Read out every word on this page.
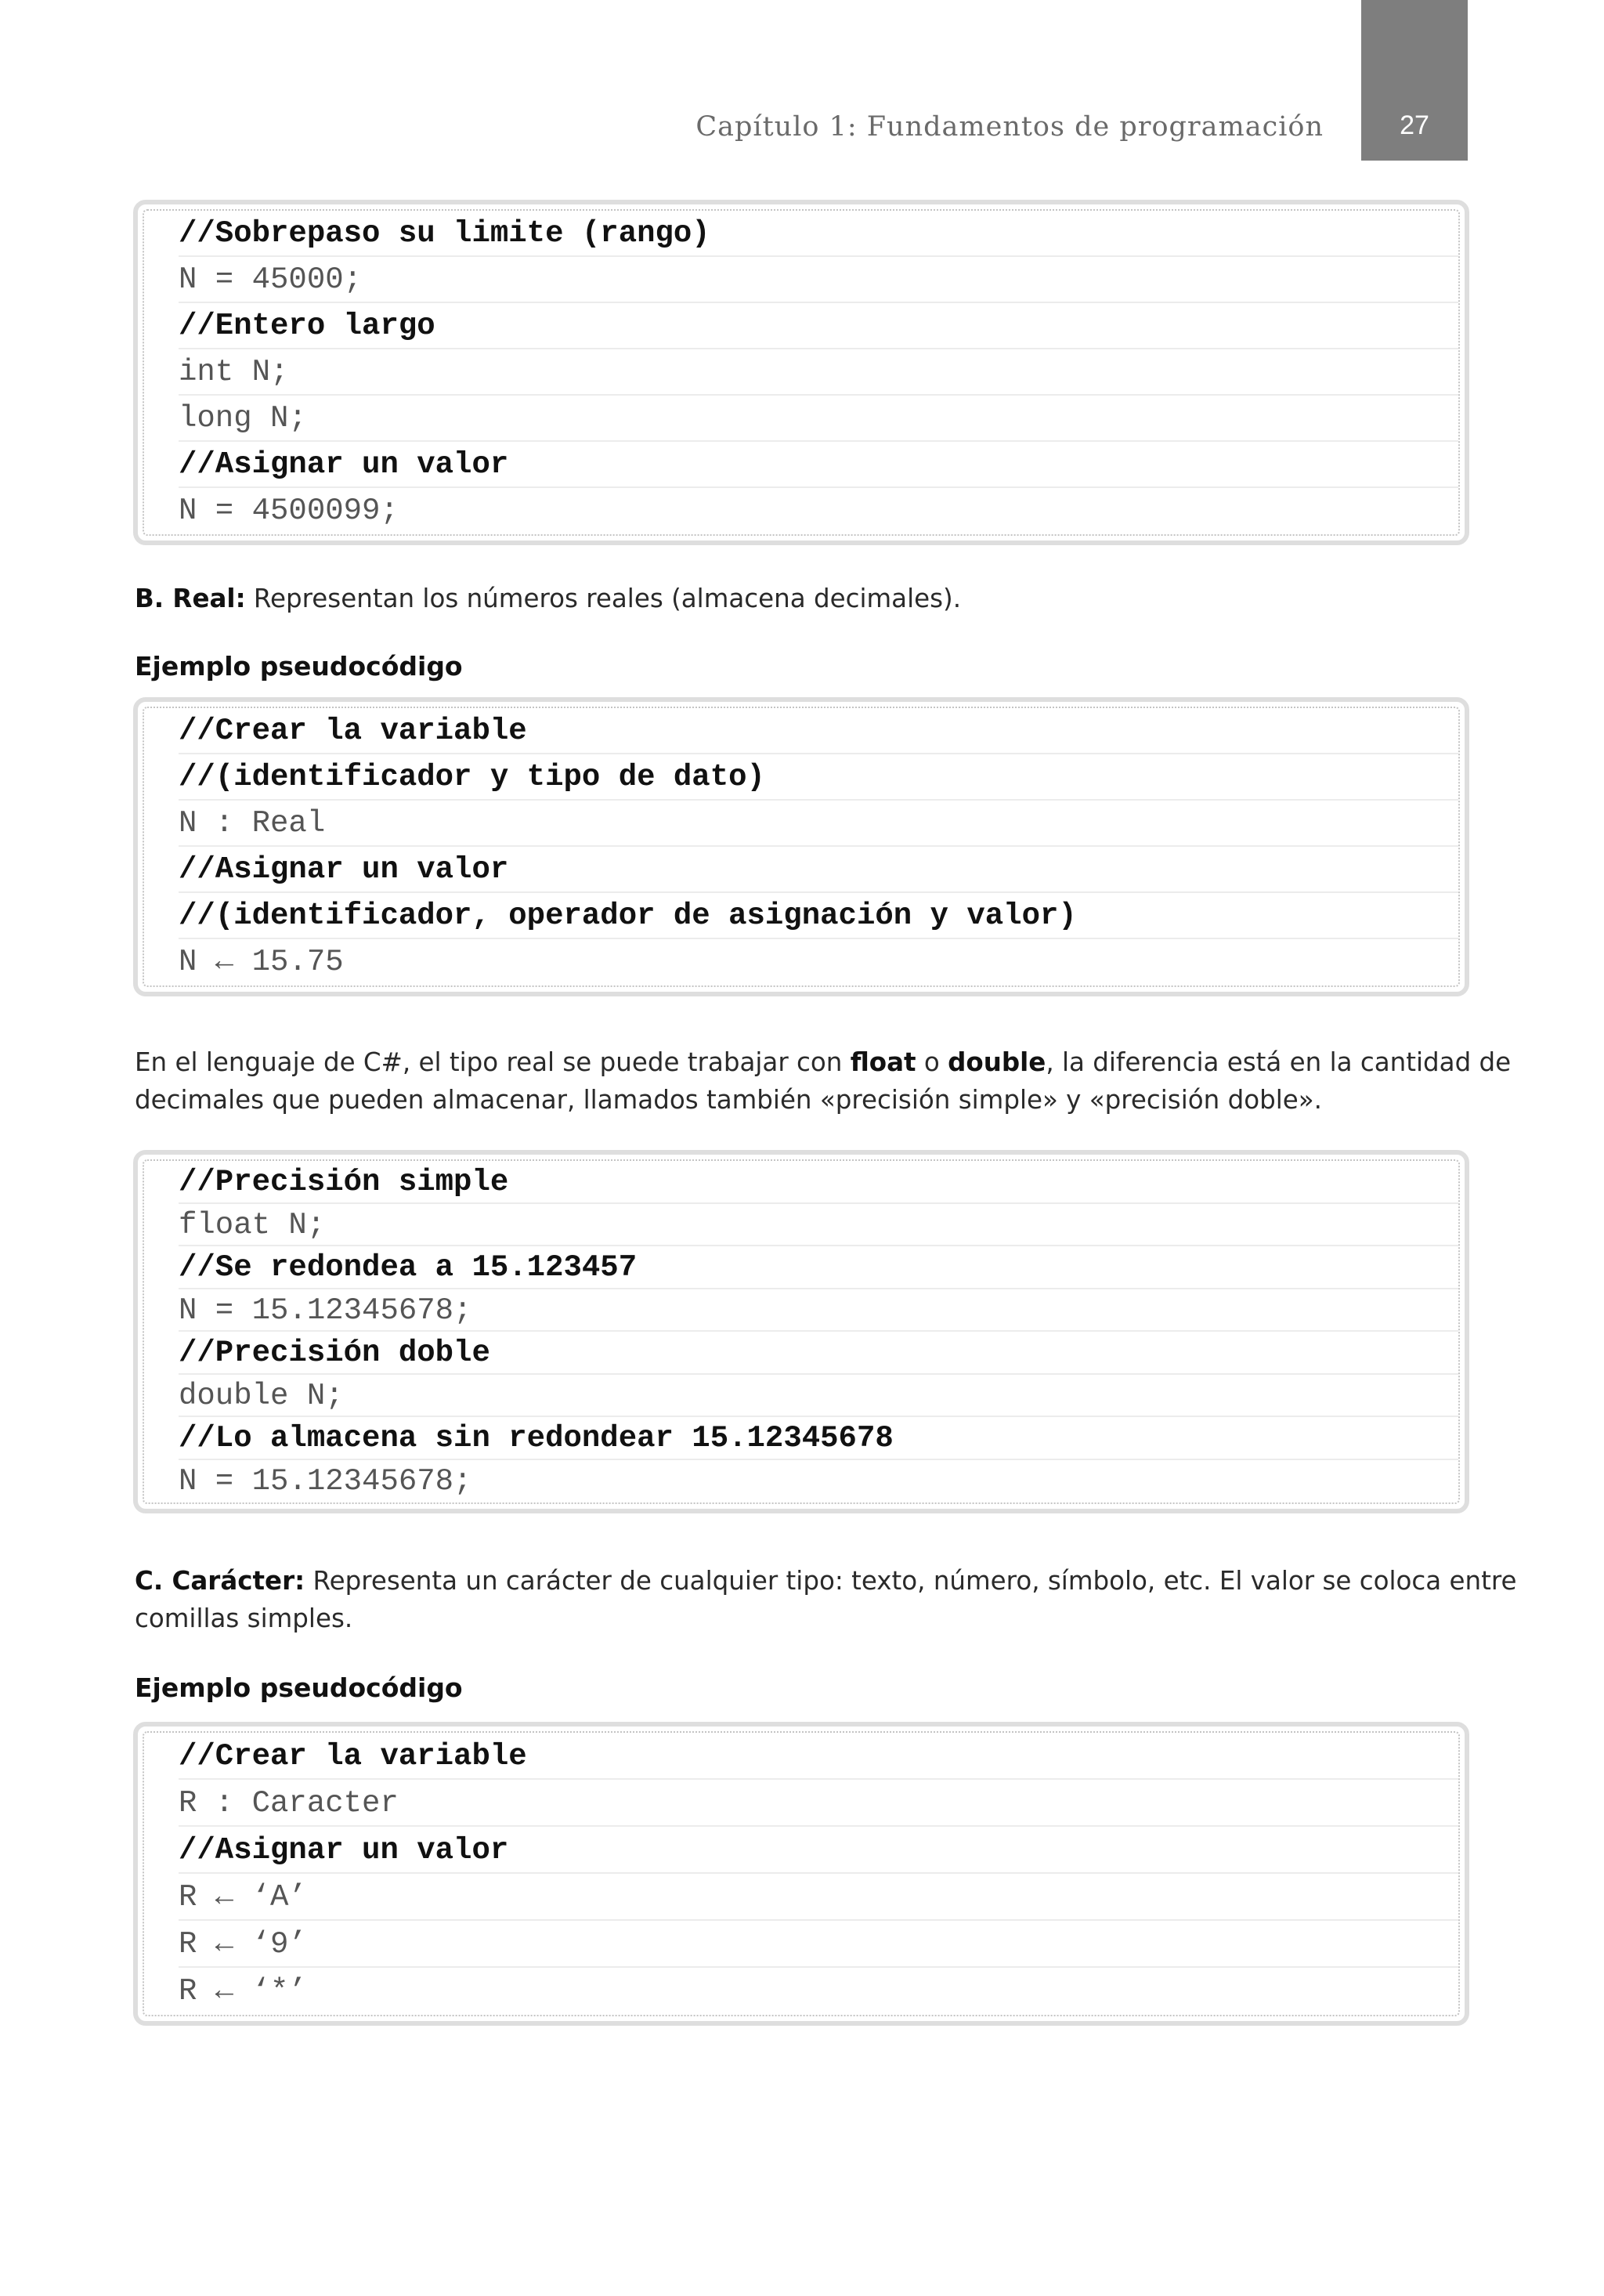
27
Capítulo 1: Fundamentos de programación
//Sobrepaso su limite (rango)
N = 45000;
//Entero largo
int N;
long N;
//Asignar un valor
N = 4500099;
B. Real: Representan los números reales (almacena decimales).
Ejemplo pseudocódigo
//Crear la variable
//(identificador y tipo de dato)
N : Real
//Asignar un valor
//(identificador, operador de asignación y valor)
N ← 15.75
En el lenguaje de C#, el tipo real se puede trabajar con float o double, la diferencia está en la cantidad de
decimales que pueden almacenar, llamados también «precisión simple» y «precisión doble».
//Precisión simple
float N;
//Se redondea a 15.123457
N = 15.12345678;
//Precisión doble
double N;
//Lo almacena sin redondear 15.12345678
N = 15.12345678;
C. Carácter: Representa un carácter de cualquier tipo: texto, número, símbolo, etc. El valor se coloca entre
comillas simples.
Ejemplo pseudocódigo
//Crear la variable
R : Caracter
//Asignar un valor
R ← ‘A’
R ← ‘9’
R ← ‘*’
